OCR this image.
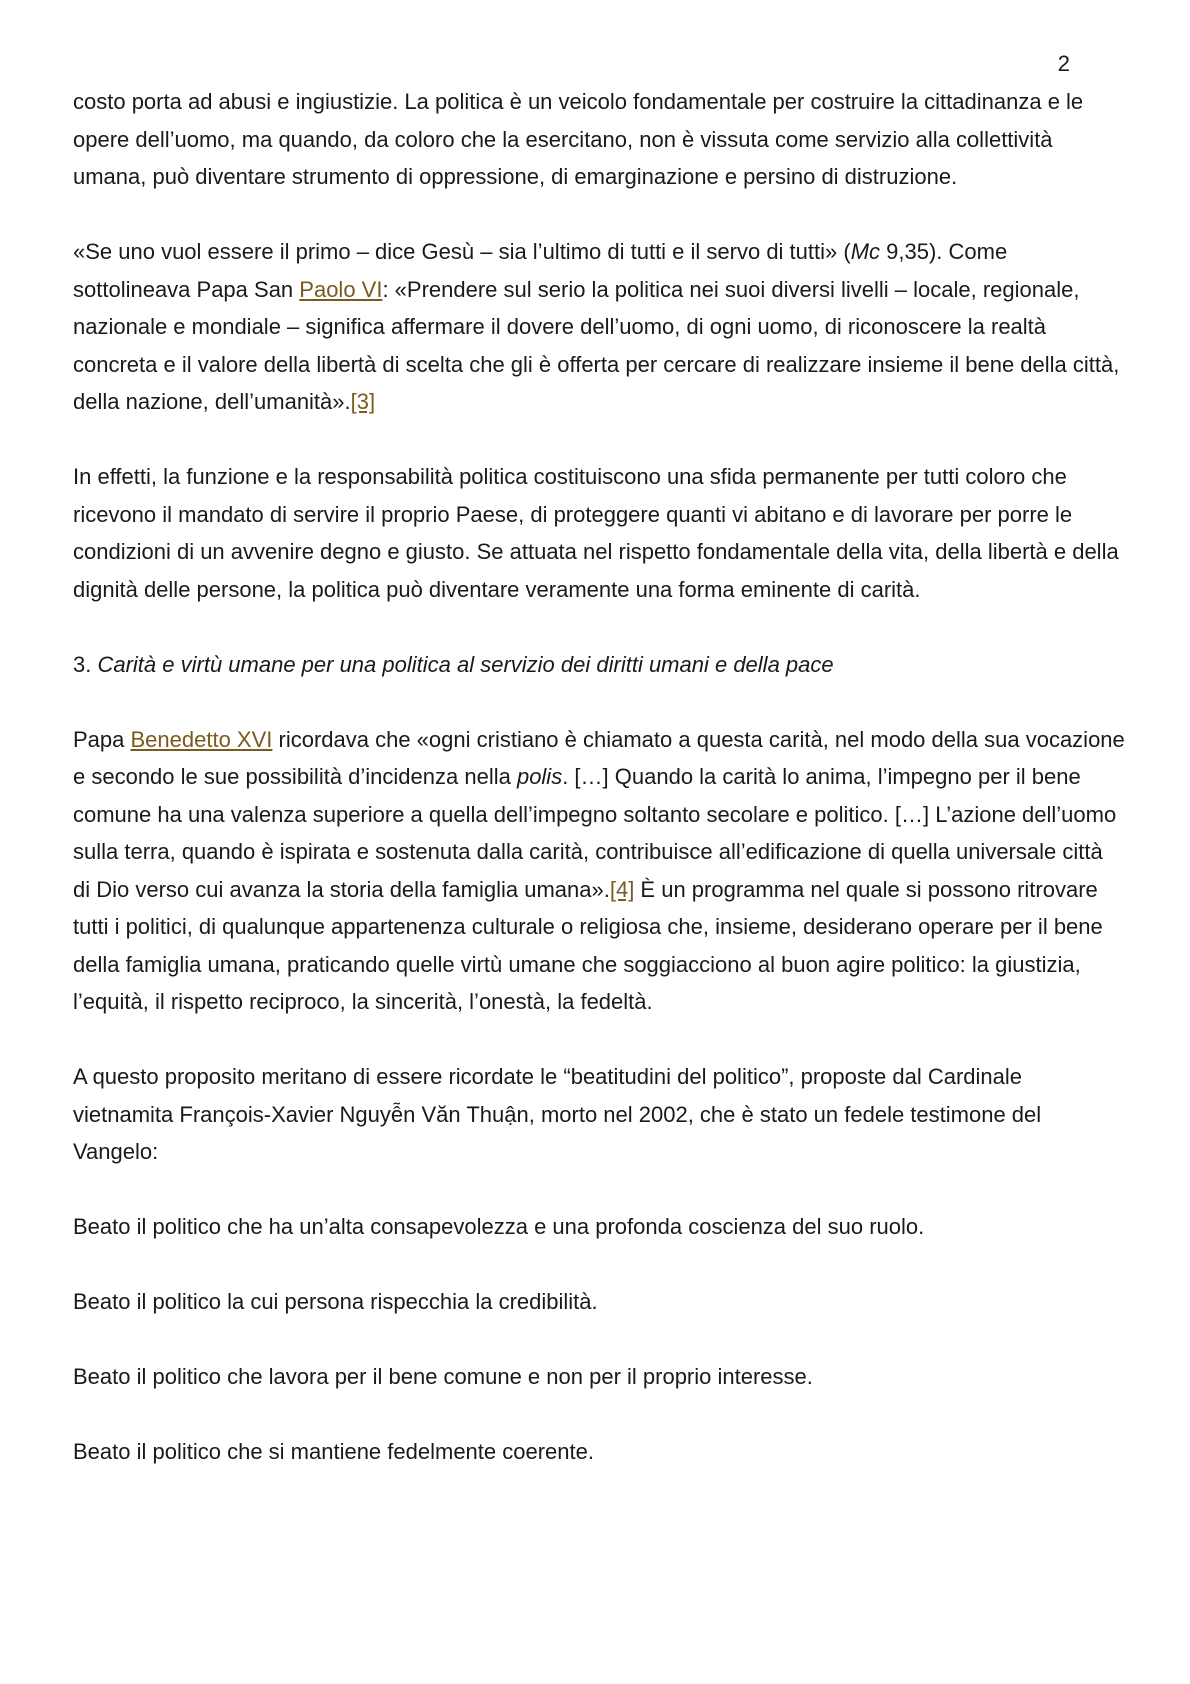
2

costo porta ad abusi e ingiustizie. La politica è un veicolo fondamentale per costruire la cittadinanza e le opere dell’uomo, ma quando, da coloro che la esercitano, non è vissuta come servizio alla collettività umana, può diventare strumento di oppressione, di emarginazione e persino di distruzione.

«Se uno vuol essere il primo – dice Gesù – sia l’ultimo di tutti e il servo di tutti» (Mc 9,35). Come sottolineava Papa San Paolo VI: «Prendere sul serio la politica nei suoi diversi livelli – locale, regionale, nazionale e mondiale – significa affermare il dovere dell’uomo, di ogni uomo, di riconoscere la realtà concreta e il valore della libertà di scelta che gli è offerta per cercare di realizzare insieme il bene della città, della nazione, dell’umanità».[3]

In effetti, la funzione e la responsabilità politica costituiscono una sfida permanente per tutti coloro che ricevono il mandato di servire il proprio Paese, di proteggere quanti vi abitano e di lavorare per porre le condizioni di un avvenire degno e giusto. Se attuata nel rispetto fondamentale della vita, della libertà e della dignità delle persone, la politica può diventare veramente una forma eminente di carità.

3. Carità e virtù umane per una politica al servizio dei diritti umani e della pace

Papa Benedetto XVI ricordava che «ogni cristiano è chiamato a questa carità, nel modo della sua vocazione e secondo le sue possibilità d’incidenza nella polis. […] Quando la carità lo anima, l’impegno per il bene comune ha una valenza superiore a quella dell’impegno soltanto secolare e politico. […] L’azione dell’uomo sulla terra, quando è ispirata e sostenuta dalla carità, contribuisce all’edificazione di quella universale città di Dio verso cui avanza la storia della famiglia umana».[4] È un programma nel quale si possono ritrovare tutti i politici, di qualunque appartenenza culturale o religiosa che, insieme, desiderano operare per il bene della famiglia umana, praticando quelle virtù umane che soggiacciono al buon agire politico: la giustizia, l’equità, il rispetto reciproco, la sincerità, l’onestà, la fedeltà.

A questo proposito meritano di essere ricordate le “beatitudini del politico”, proposte dal Cardinale vietnamita François-Xavier Nguyễn Văn Thuận, morto nel 2002, che è stato un fedele testimone del Vangelo:

Beato il politico che ha un’alta consapevolezza e una profonda coscienza del suo ruolo.

Beato il politico la cui persona rispecchia la credibilità.

Beato il politico che lavora per il bene comune e non per il proprio interesse.

Beato il politico che si mantiene fedelmente coerente.
